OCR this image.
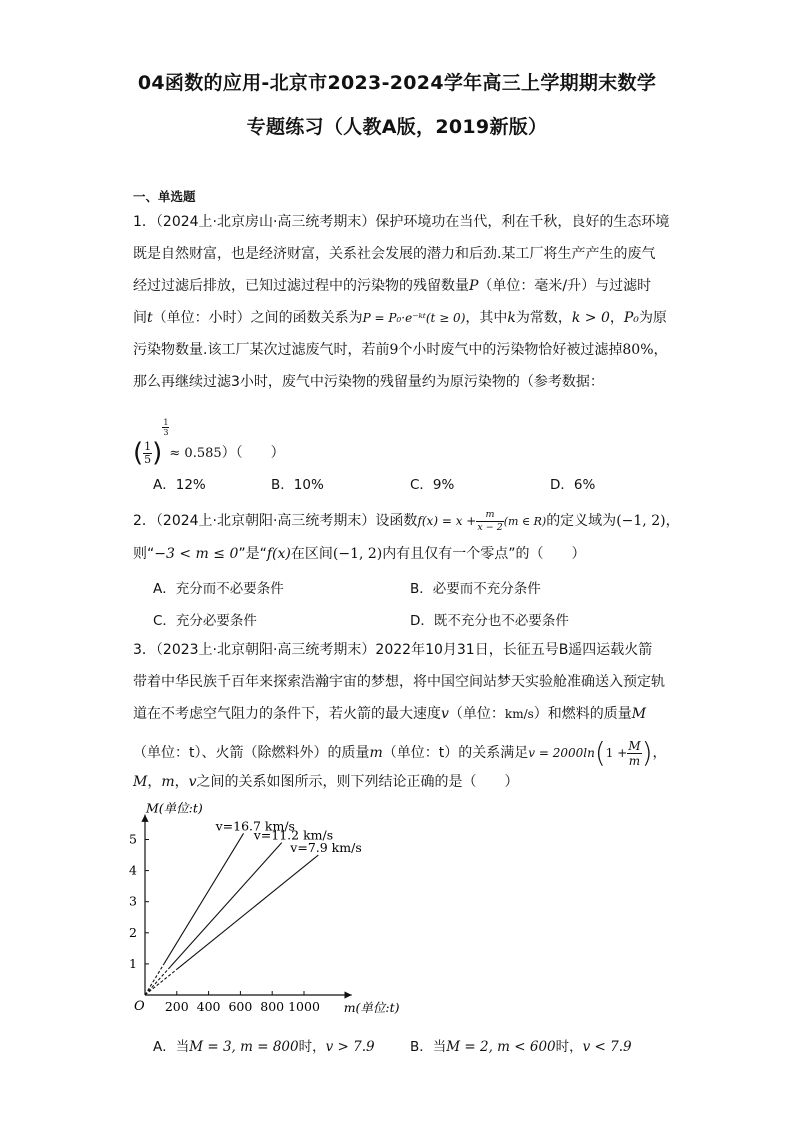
04函数的应用-北京市2023-2024学年高三上学期期末数学
专题练习（人教A版，2019新版）
一、单选题
1．（2024上·北京房山·高三统考期末）保护环境功在当代，利在千秋，良好的生态环境
既是自然财富，也是经济财富，关系社会发展的潜力和后劲.某工厂将生产产生的废气
经过过滤后排放，已知过滤过程中的污染物的残留数量P（单位：毫米/升）与过滤时
间t（单位：小时）之间的函数关系为P = P₀·e⁻ᵏᵗ(t ≥ 0)，其中k为常数，k > 0，P₀为原
污染物数量.该工厂某次过滤废气时，若前9个小时废气中的污染物恰好被过滤掉80%，
那么再继续过滤3小时，废气中污染物的残留量约为原污染物的（参考数据：
( $\frac{1}{5}$ )
$\frac{1}{3}$
≈ 0.585）（　　）
A．12%	B．10%	C．9%	D．6%
2．（2024上·北京朝阳·高三统考期末）设函数$f(x) = x + \frac{m}{x - 2} (m$ ∈ R)的定义域为(−1, 2)，
则“−3 < m ≤ 0”是“f(x)在区间(−1, 2)内有且仅有一个零点”的（　　）
A．充分而不必要条件	B．必要而不充分条件
C．充分必要条件	D．既不充分也不必要条件
3．（2023上·北京朝阳·高三统考期末）2022年10月31日，长征五号B遥四运载火箭
带着中华民族千百年来探索浩瀚宇宙的梦想，将中国空间站梦天实验舱准确送入预定轨
道在不考虑空气阻力的条件下，若火箭的最大速度v（单位：km/s）和燃料的质量M
（单位：t）、火箭（除燃料外）的质量m（单位：t）的关系满足$v = 2000\ln(1 + \frac{M}{m}$ )，
M，m，v之间的关系如图所示，则下列结论正确的是（　　）
200 400 600 800 1000
1
2
3
4
5
M(单位:t)
m(单位:t)
O
v=16.7 km/s
v=11.2 km/s
v=7.9 km/s
A．当M = 3, m = 800时，v > 7.9	B．当M = 2, m < 600时，v < 7.9
